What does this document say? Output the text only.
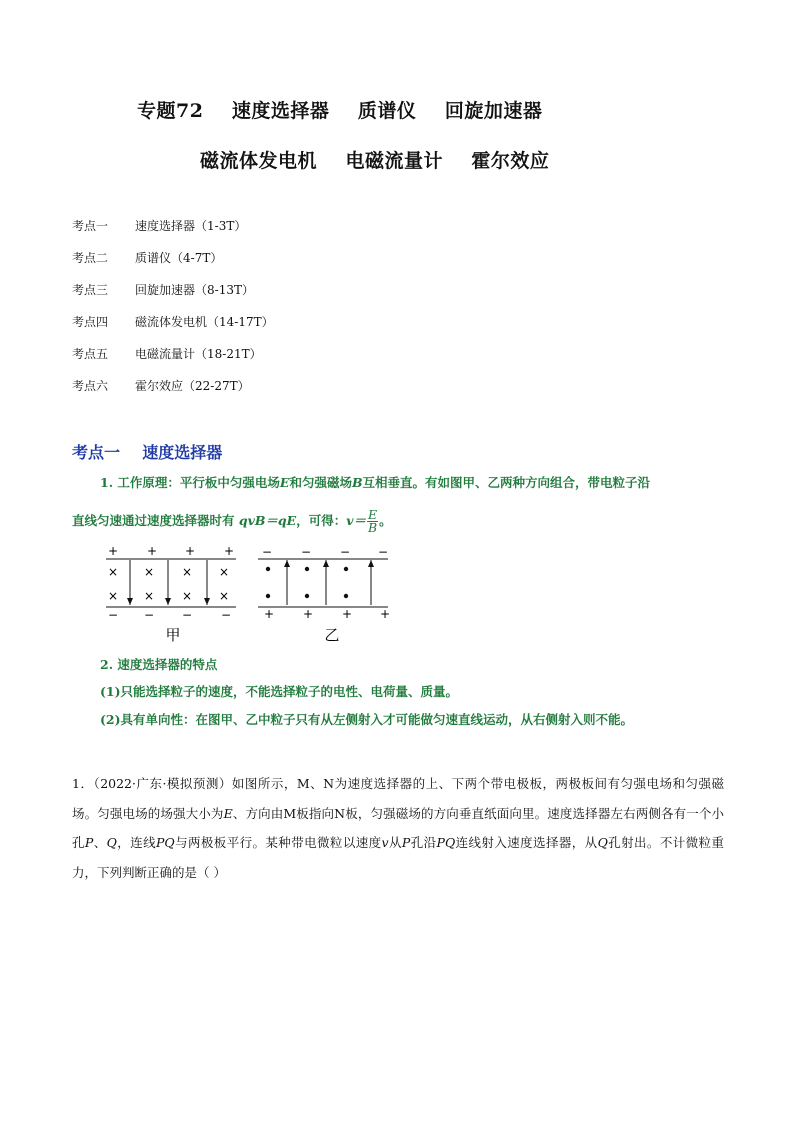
专题72    速度选择器    质谱仪    回旋加速器
磁流体发电机    电磁流量计    霍尔效应
考点一	速度选择器（1-3T）
考点二	质谱仪（4-7T）
考点三	回旋加速器（8-13T）
考点四	磁流体发电机（14-17T）
考点五	电磁流量计（18-21T）
考点六	霍尔效应（22-27T）
考点一    速度选择器
1. 工作原理：平行板中匀强电场E和匀强磁场B互相垂直。有如图甲、乙两种方向组合，带电粒子沿
直线匀速通过速度选择器时有 qvB＝qE，可得：$v= \frac{E}{B}$ 。
+ + + +
− − − −
×
×
×
×
×
×
×
×
甲
− − − −
+ + + +
乙
2. 速度选择器的特点
(1)只能选择粒子的速度，不能选择粒子的电性、电荷量、质量。
(2)具有单向性：在图甲、乙中粒子只有从左侧射入才可能做匀速直线运动，从右侧射入则不能。
1．（2022·广东·模拟预测）如图所示，M、N为速度选择器的上、下两个带电极板，两极板间有匀强电场和匀强磁场。匀强电场的场强大小为E、方向由M板指向N板，匀强磁场的方向垂直纸面向里。速度选择器左右两侧各有一个小孔P、Q，连线PQ与两极板平行。某种带电微粒以速度v从P孔沿PQ连线射入速度选择器，从Q孔射出。不计微粒重力，下列判断正确的是（ ）
